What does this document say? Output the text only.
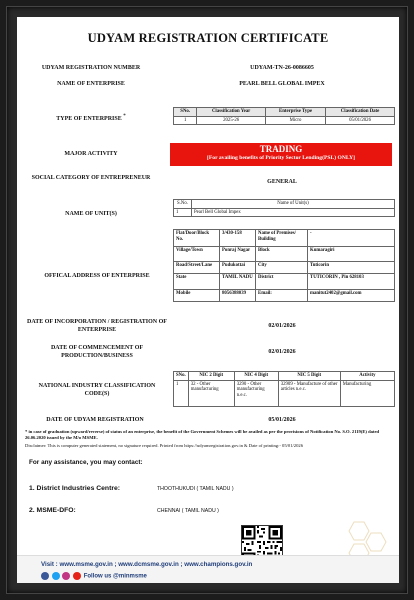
UDYAM REGISTRATION CERTIFICATE
UDYAM REGISTRATION NUMBER	UDYAM-TN-26-0086605
NAME OF ENTERPRISE	PEARL BELL GLOBAL IMPEX
TYPE OF ENTERPRISE *
SNo.	Classification Year	Enterprise Type	Classification Date
1	2025-26	Micro	05/01/2026
MAJOR ACTIVITY	TRADING
[For availing benefits of Priority Sector Lending(PSL) ONLY]
SOCIAL CATEGORY OF ENTREPRENEUR
GENERAL
NAME OF UNIT(S)
S.No.	Name of Unit(s)
1	Pearl Bell Global Impex
OFFICAL ADDRESS OF ENTERPRISE
Flat/Door/Block No.	3/430-158	Name of Premises/ Building	-
Village/Town	Ponraj Nagar	Block	Kumaragiri
Road/Street/Lane	Pudukottai	City	Tuticorin
State	TAMIL NADU	District	TUTICORIN , Pin 628103
Mobile	8056388039	Email:	manitut2402@gmail.com
DATE OF INCORPORATION / REGISTRATION OF ENTERPRISE
02/01/2026
DATE OF COMMENCEMENT OF PRODUCTION/BUSINESS
02/01/2026
NATIONAL INDUSTRY CLASSIFICATION CODE(S)
SNo.	NIC 2 Digit	NIC 4 Digit	NIC 5 Digit	Activity
1	32 - Other manufacturing	3290 - Other manufacturing n.e.c.	32909 - Manufacture of other articles n.e.c.	Manufacturing
DATE OF UDYAM REGISTRATION	05/01/2026
* in case of graduation (upward/reverse) of status of an enterprise, the benefit of the Government Schemes will be availed as per the provisions of Notification No. S.O. 2119(E) dated 26.06.2020 issued by the M/o MSME.
Disclaimer: This is computer generated statement, no signature required. Printed from https://udyamregistration.gov.in & Date of printing:- 05/01/2026
For any assistance, you may contact:
1. District Industries Centre:	THOOTHUKUDI ( TAMIL NADU )
2. MSME-DFO:	CHENNAI ( TAMIL NADU )
Visit : www.msme.gov.in ; www.dcmsme.gov.in ; www.champions.gov.in
Follow us @minmsme
